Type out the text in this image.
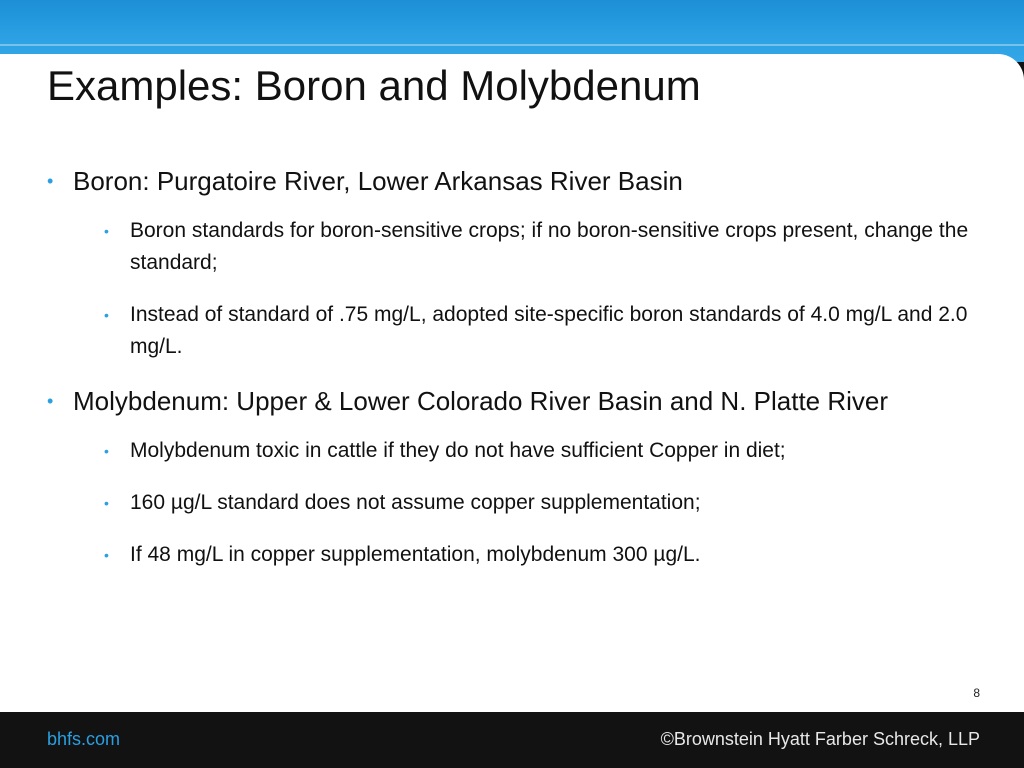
Examples: Boron and Molybdenum
• Boron: Purgatoire River, Lower Arkansas River Basin
• Boron standards for boron-sensitive crops; if no boron-sensitive crops present, change the standard;
• Instead of standard of .75 mg/L, adopted site-specific boron standards of 4.0 mg/L and 2.0 mg/L.
• Molybdenum: Upper & Lower Colorado River Basin and N. Platte River
• Molybdenum toxic in cattle if they do not have sufficient Copper in diet;
• 160 µg/L standard does not assume copper supplementation;
• If 48 mg/L in copper supplementation, molybdenum 300 µg/L.
8
bhfs.com	©Brownstein Hyatt Farber Schreck, LLP
